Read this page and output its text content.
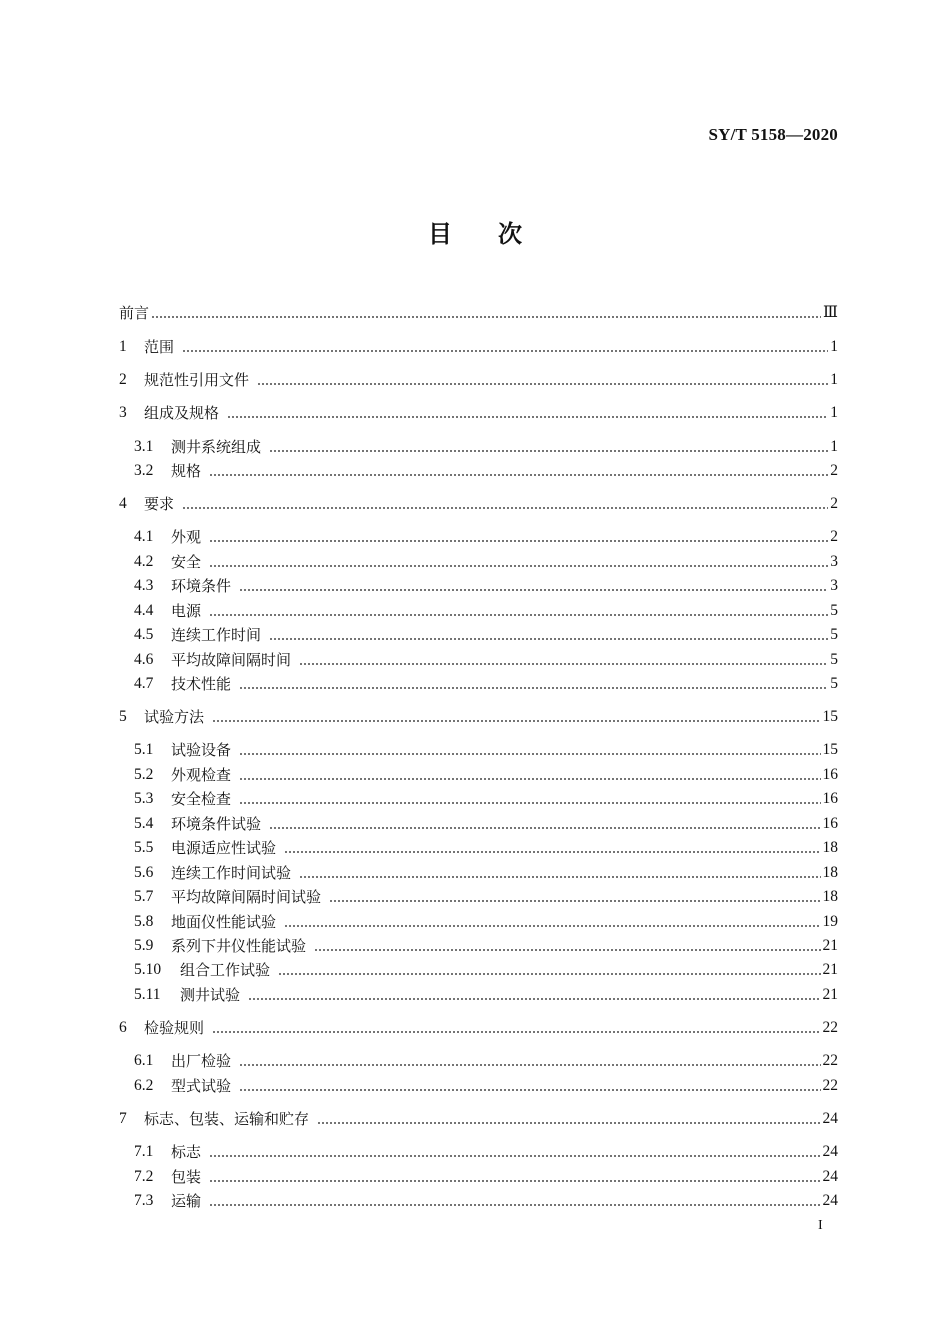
SY/T 5158—2020
目次
前言	Ⅲ
1	范围	1
2	规范性引用文件	1
3	组成及规格	1
3.1	测井系统组成	1
3.2	规格	2
4	要求	2
4.1	外观	2
4.2	安全	3
4.3	环境条件	3
4.4	电源	5
4.5	连续工作时间	5
4.6	平均故障间隔时间	5
4.7	技术性能	5
5	试验方法	15
5.1	试验设备	15
5.2	外观检查	16
5.3	安全检查	16
5.4	环境条件试验	16
5.5	电源适应性试验	18
5.6	连续工作时间试验	18
5.7	平均故障间隔时间试验	18
5.8	地面仪性能试验	19
5.9	系列下井仪性能试验	21
5.10	组合工作试验	21
5.11	测井试验	21
6	检验规则	22
6.1	出厂检验	22
6.2	型式试验	22
7	标志、包装、运输和贮存	24
7.1	标志	24
7.2	包装	24
7.3	运输	24
I
